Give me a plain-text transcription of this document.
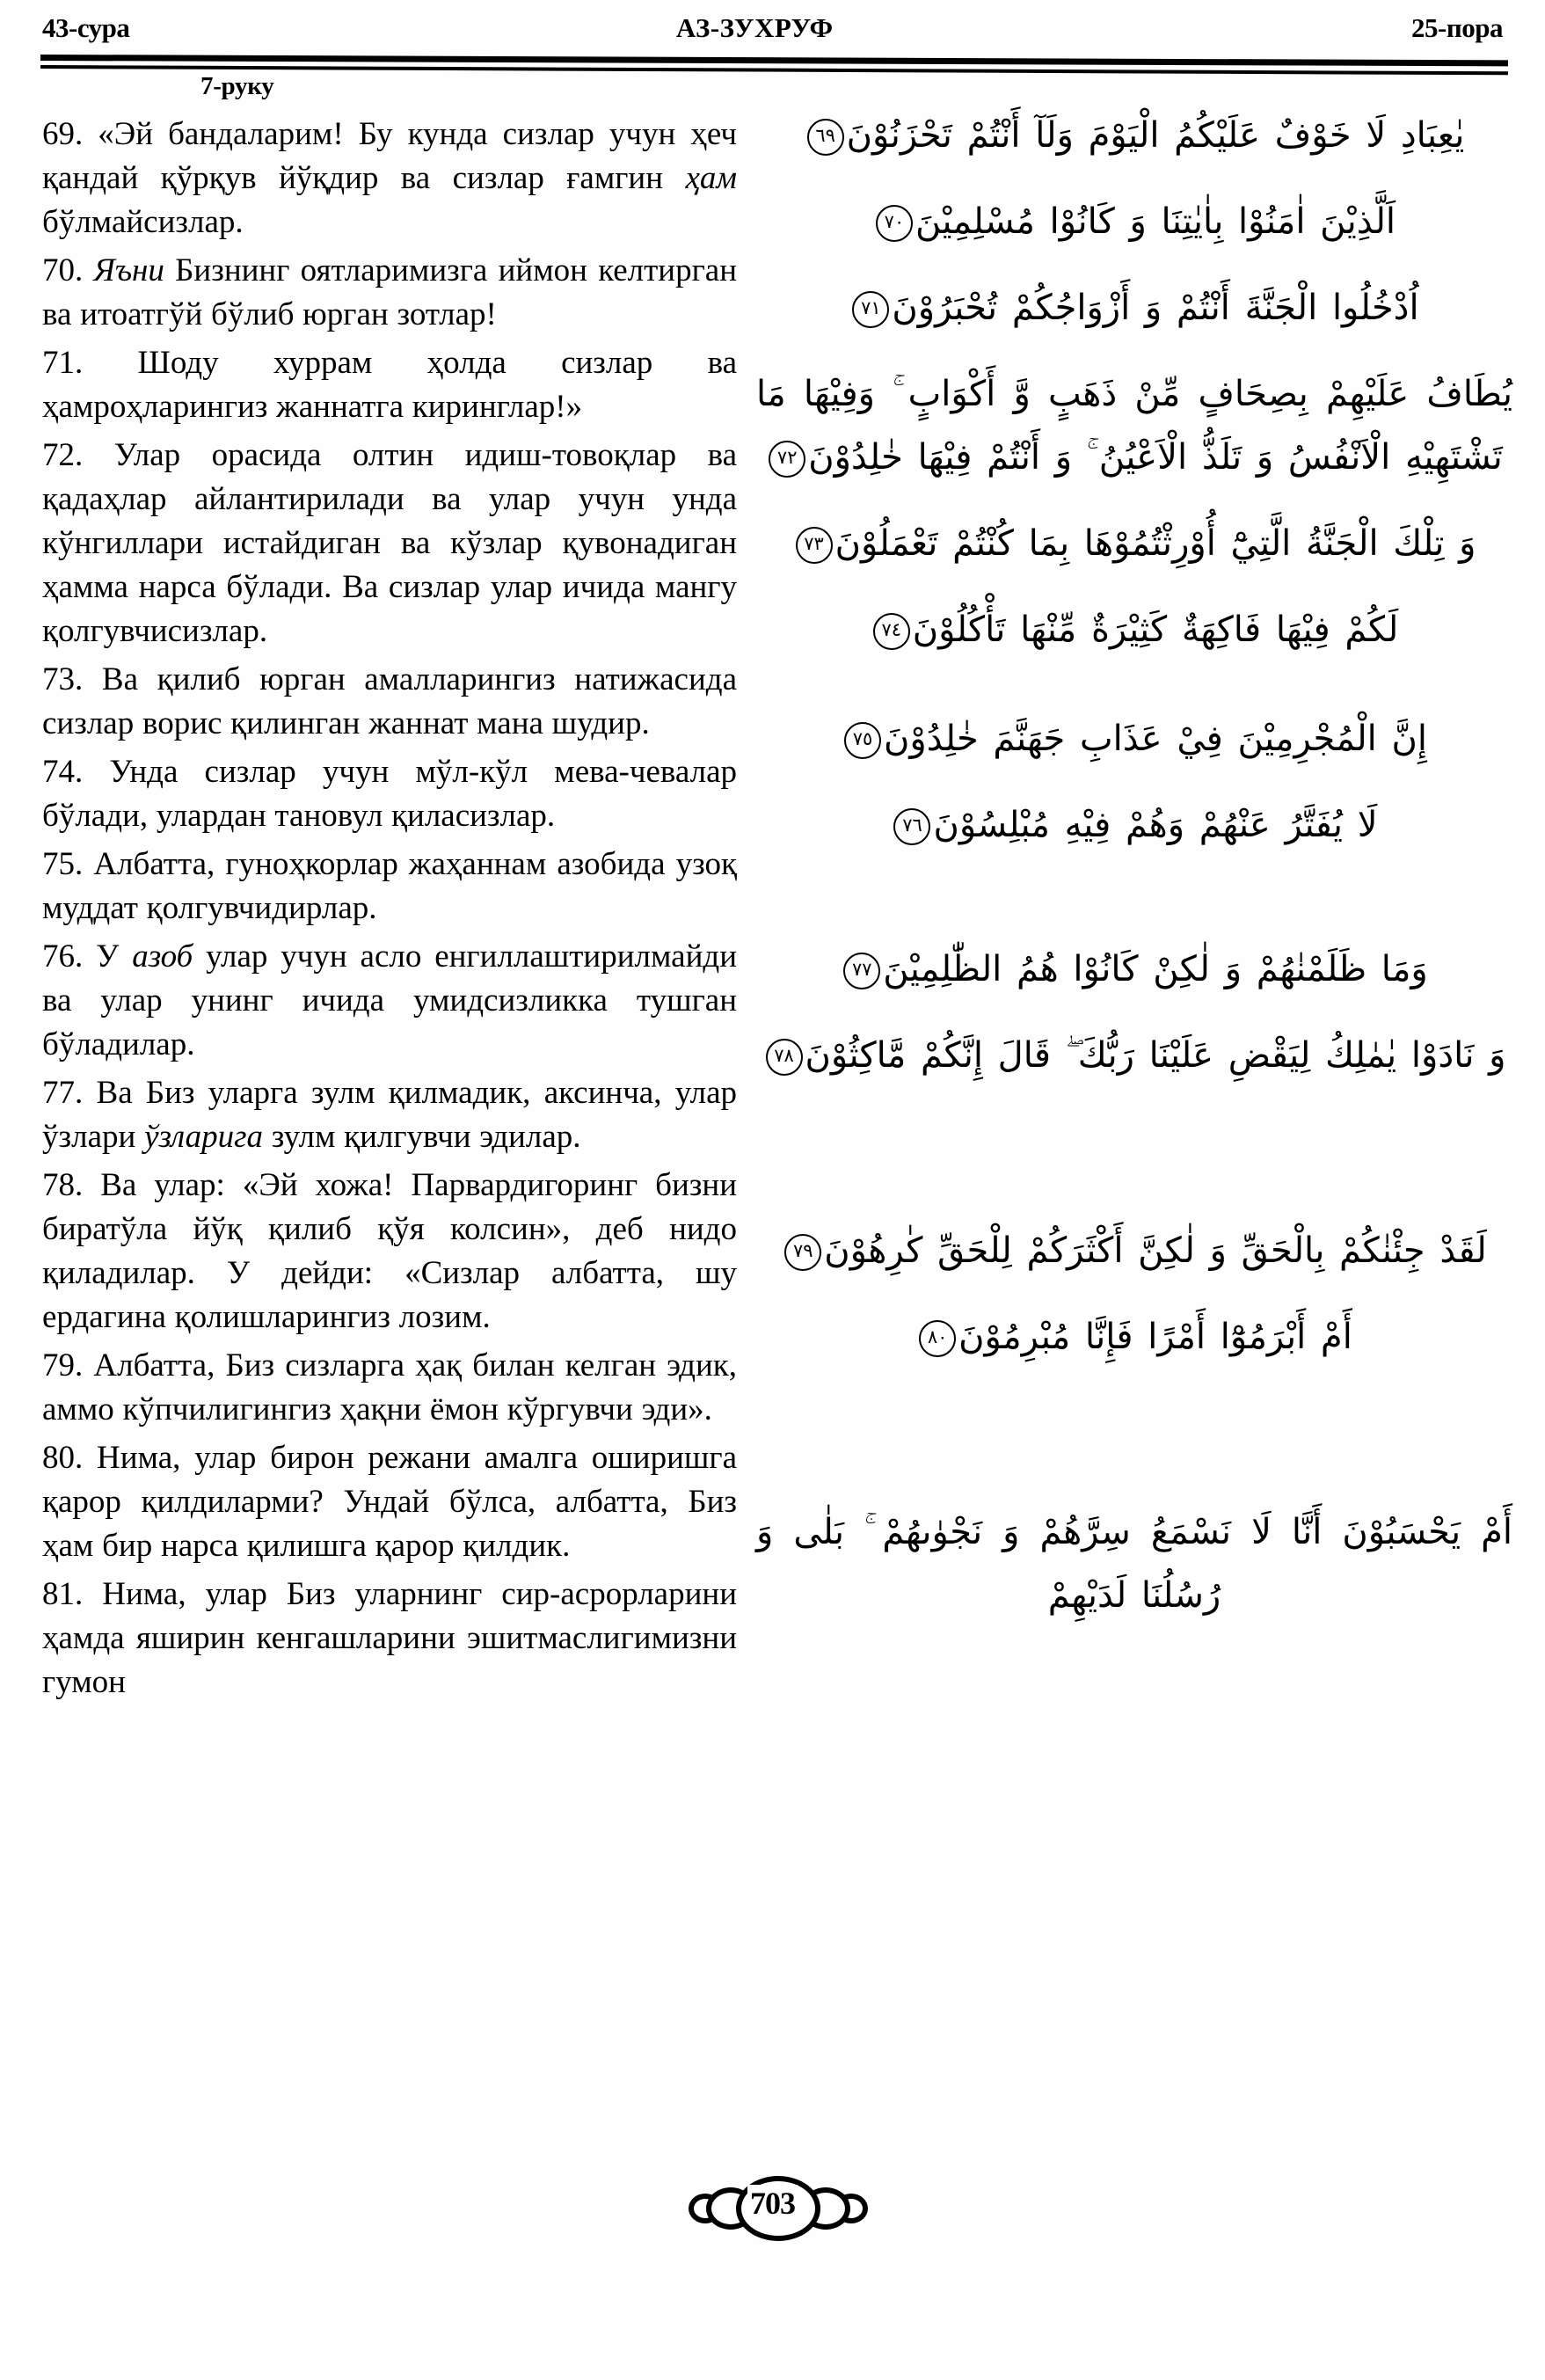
43-сура	АЗ-ЗУХРУФ	25-пора
7-руку

69. «Эй бандаларим! Бу кунда сизлар учун ҳеч қандай қўрқув йўқдир ва сизлар ғамгин ҳам бўлмайсизлар.

70. Яъни Бизнинг оятларимизга иймон келтирган ва итоатгўй бўлиб юрган зотлар!

71. Шоду хуррам ҳолда сизлар ва ҳамроҳларингиз жаннатга киринглар!»

72. Улар орасида олтин идиш-товоқлар ва қадаҳлар айлантирилади ва улар учун унда кўнгиллари истайдиган ва кўзлар қувонадиган ҳамма нарса бўлади. Ва сизлар улар ичида мангу қолгувчисизлар.

73. Ва қилиб юрган амалларингиз натижасида сизлар ворис қилинган жаннат мана шудир.

74. Унда сизлар учун мўл-кўл мева-чевалар бўлади, улардан тановул қиласизлар.

75. Албатта, гуноҳкорлар жаҳаннам азобида узоқ муддат қолгувчидирлар.

76. У азоб улар учун асло енгиллаштирилмайди ва улар унинг ичида умидсизликка тушган бўладилар.

77. Ва Биз уларга зулм қилмадик, аксинча, улар ўзлари ўзларига зулм қилгувчи эдилар.

78. Ва улар: «Эй хожа! Парвардигоринг бизни биратўла йўқ қилиб қўя колсин», деб нидо қиладилар. У дейди: «Сизлар албатта, шу ердагина қолишларингиз лозим.

79. Албатта, Биз сизларга ҳақ билан келган эдик, аммо кўпчилигингиз ҳақни ёмон кўргувчи эди».

80. Нима, улар бирон режани амалга оширишга қарор қилдиларми? Ундай бўлса, албатта, Биз ҳам бир нарса қилишга қарор қилдик.

81. Нима, улар Биз уларнинг сир-асрорларини ҳамда яширин кенгашларини эшитмаслигимизни гумон

يٰعِبَادِ لَا خَوْفٌ عَلَيْكُمُ الْيَوْمَ وَلَآ أَنْتُمْ تَحْزَنُوْنَ٦٩

اَلَّذِيْنَ اٰمَنُوْا بِاٰيٰتِنَا وَ كَانُوْا مُسْلِمِيْنَ٧٠

اُدْخُلُوا الْجَنَّةَ أَنْتُمْ وَ أَزْوَاجُكُمْ تُحْبَرُوْنَ٧١

يُطَافُ عَلَيْهِمْ بِصِحَافٍ مِّنْ ذَهَبٍ وَّ أَكْوَابٍ ۚ وَفِيْهَا مَا تَشْتَهِيْهِ الْاَنْفُسُ وَ تَلَذُّ الْاَعْيُنُ ۚ وَ أَنْتُمْ فِيْهَا خٰلِدُوْنَ٧٢

وَ تِلْكَ الْجَنَّةُ الَّتِيْٓ أُوْرِثْتُمُوْهَا بِمَا كُنْتُمْ تَعْمَلُوْنَ٧٣

لَكُمْ فِيْهَا فَاكِهَةٌ كَثِيْرَةٌ مِّنْهَا تَأْكُلُوْنَ٧٤

إِنَّ الْمُجْرِمِيْنَ فِيْ عَذَابِ جَهَنَّمَ خٰلِدُوْنَ٧٥

لَا يُفَتَّرُ عَنْهُمْ وَهُمْ فِيْهِ مُبْلِسُوْنَ٧٦

وَمَا ظَلَمْنٰهُمْ وَ لٰكِنْ كَانُوْا هُمُ الظّٰلِمِيْنَ٧٧

وَ نَادَوْا يٰمٰلِكُ لِيَقْضِ عَلَيْنَا رَبُّكَ ۖ قَالَ إِنَّكُمْ مَّاكِثُوْنَ٧٨

لَقَدْ جِئْنٰكُمْ بِالْحَقِّ وَ لٰكِنَّ أَكْثَرَكُمْ لِلْحَقِّ كٰرِهُوْنَ٧٩

أَمْ أَبْرَمُوْٓا أَمْرًا فَإِنَّا مُبْرِمُوْنَ٨٠

أَمْ يَحْسَبُوْنَ أَنَّا لَا نَسْمَعُ سِرَّهُمْ وَ نَجْوٰىهُمْ ۚ بَلٰى وَ رُسُلُنَا لَدَيْهِمْ

703
